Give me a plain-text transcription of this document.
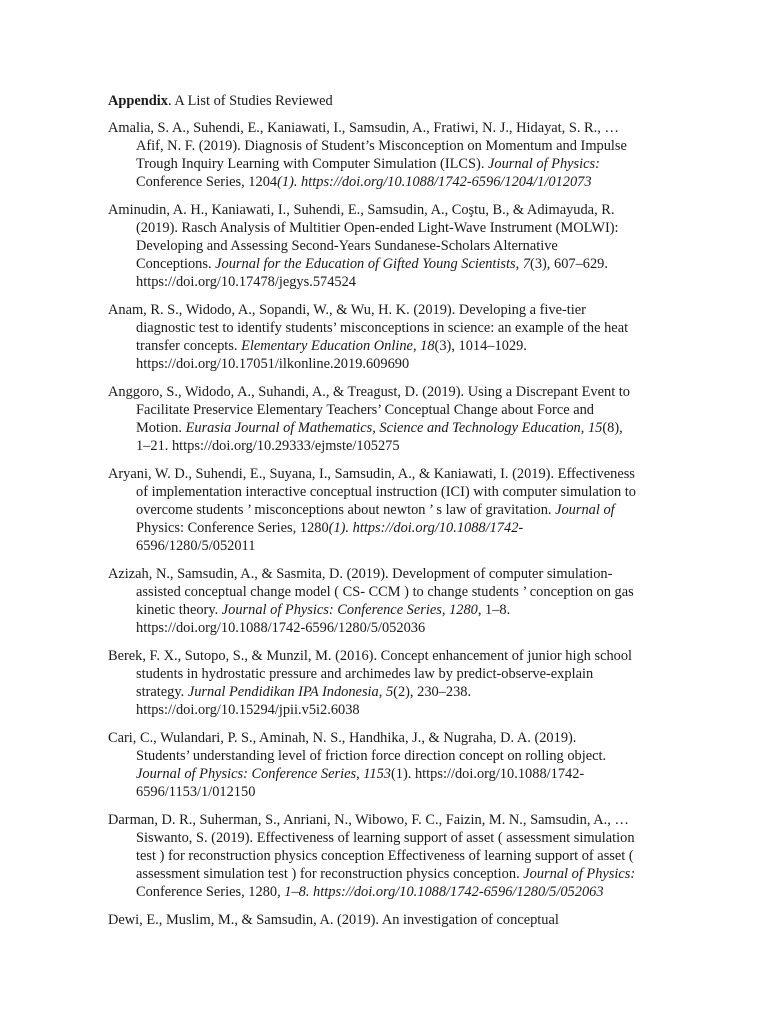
Appendix. A List of Studies Reviewed
Amalia, S. A., Suhendi, E., Kaniawati, I., Samsudin, A., Fratiwi, N. J., Hidayat, S. R., …
Afif, N. F. (2019). Diagnosis of Student’s Misconception on Momentum and Impulse
Trough Inquiry Learning with Computer Simulation (ILCS). Journal of Physics:
Conference Series, 1204(1). https://doi.org/10.1088/1742-6596/1204/1/012073
Aminudin, A. H., Kaniawati, I., Suhendi, E., Samsudin, A., Coştu, B., & Adimayuda, R.
(2019). Rasch Analysis of Multitier Open-ended Light-Wave Instrument (MOLWI):
Developing and Assessing Second-Years Sundanese-Scholars Alternative
Conceptions. Journal for the Education of Gifted Young Scientists, 7(3), 607–629.
https://doi.org/10.17478/jegys.574524
Anam, R. S., Widodo, A., Sopandi, W., & Wu, H. K. (2019). Developing a five-tier
diagnostic test to identify students’ misconceptions in science: an example of the heat
transfer concepts. Elementary Education Online, 18(3), 1014–1029.
https://doi.org/10.17051/ilkonline.2019.609690
Anggoro, S., Widodo, A., Suhandi, A., & Treagust, D. (2019). Using a Discrepant Event to
Facilitate Preservice Elementary Teachers’ Conceptual Change about Force and
Motion. Eurasia Journal of Mathematics, Science and Technology Education, 15(8),
1–21. https://doi.org/10.29333/ejmste/105275
Aryani, W. D., Suhendi, E., Suyana, I., Samsudin, A., & Kaniawati, I. (2019). Effectiveness
of implementation interactive conceptual instruction (ICI) with computer simulation to
overcome students ’ misconceptions about newton ’ s law of gravitation. Journal of
Physics: Conference Series, 1280(1). https://doi.org/10.1088/1742-
6596/1280/5/052011
Azizah, N., Samsudin, A., & Sasmita, D. (2019). Development of computer simulation-
assisted conceptual change model ( CS- CCM ) to change students ’ conception on gas
kinetic theory. Journal of Physics: Conference Series, 1280, 1–8.
https://doi.org/10.1088/1742-6596/1280/5/052036
Berek, F. X., Sutopo, S., & Munzil, M. (2016). Concept enhancement of junior high school
students in hydrostatic pressure and archimedes law by predict-observe-explain
strategy. Jurnal Pendidikan IPA Indonesia, 5(2), 230–238.
https://doi.org/10.15294/jpii.v5i2.6038
Cari, C., Wulandari, P. S., Aminah, N. S., Handhika, J., & Nugraha, D. A. (2019).
Students’ understanding level of friction force direction concept on rolling object.
Journal of Physics: Conference Series, 1153(1). https://doi.org/10.1088/1742-
6596/1153/1/012150
Darman, D. R., Suherman, S., Anriani, N., Wibowo, F. C., Faizin, M. N., Samsudin, A., …
Siswanto, S. (2019). Effectiveness of learning support of asset ( assessment simulation
test ) for reconstruction physics conception Effectiveness of learning support of asset (
assessment simulation test ) for reconstruction physics conception. Journal of Physics:
Conference Series, 1280, 1–8. https://doi.org/10.1088/1742-6596/1280/5/052063
Dewi, E., Muslim, M., & Samsudin, A. (2019). An investigation of conceptual
